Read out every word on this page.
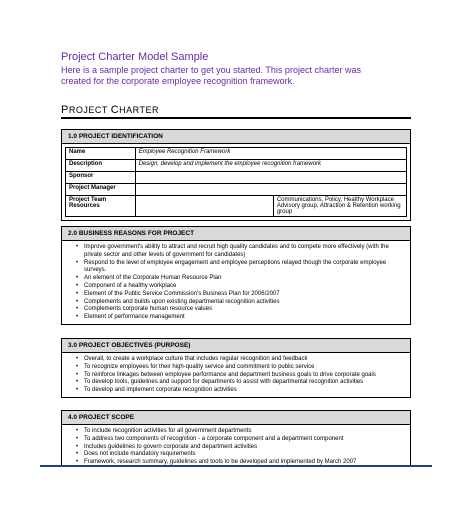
Project Charter Model Sample
Here is a sample project charter to get you started. This project charter was created for the corporate employee recognition framework.
PROJECT CHARTER
1.0 PROJECT IDENTIFICATION
Name	Employee Recognition Framework	
Description	Design, develop and implement the employee recognition framework	
Sponsor		
Project Manager		
Project Team Resources		Communications, Policy, Healthy Workplace Advisory group, Attraction & Retention working group
2.0 BUSINESS REASONS FOR PROJECT
• Improve government's ability to attract and recruit high quality candidates and to compete more effectively (with the private sector and other levels of government for candidates)
• Respond to the level of employee engagement and employee perceptions relayed though the corporate employee surveys.
• An element of the Corporate Human Resource Plan
• Component of a healthy workplace
• Element of the Public Service Commission's Business Plan for 2006/2007
• Complements and builds upon existing departmental recognition activities
• Complements corporate human resource values
• Element of performance management
3.0 PROJECT OBJECTIVES (PURPOSE)
• Overall, to create a workplace culture that includes regular recognition and feedback
• To recognize employees for their high-quality service and commitment to public service
• To reinforce linkages between employee performance and department business goals to drive corporate goals
• To develop tools, guidelines and support for departments to assist with departmental recognition activities
• To develop and implement corporate recognition activities
4.0 PROJECT SCOPE
• To include recognition activities for all government departments
• To address two components of recognition - a corporate component and a department component
• Includes guidelines to govern corporate and department activities
• Does not include mandatory requirements
• Framework, research summary, guidelines and tools to be developed and implemented by March 2007
